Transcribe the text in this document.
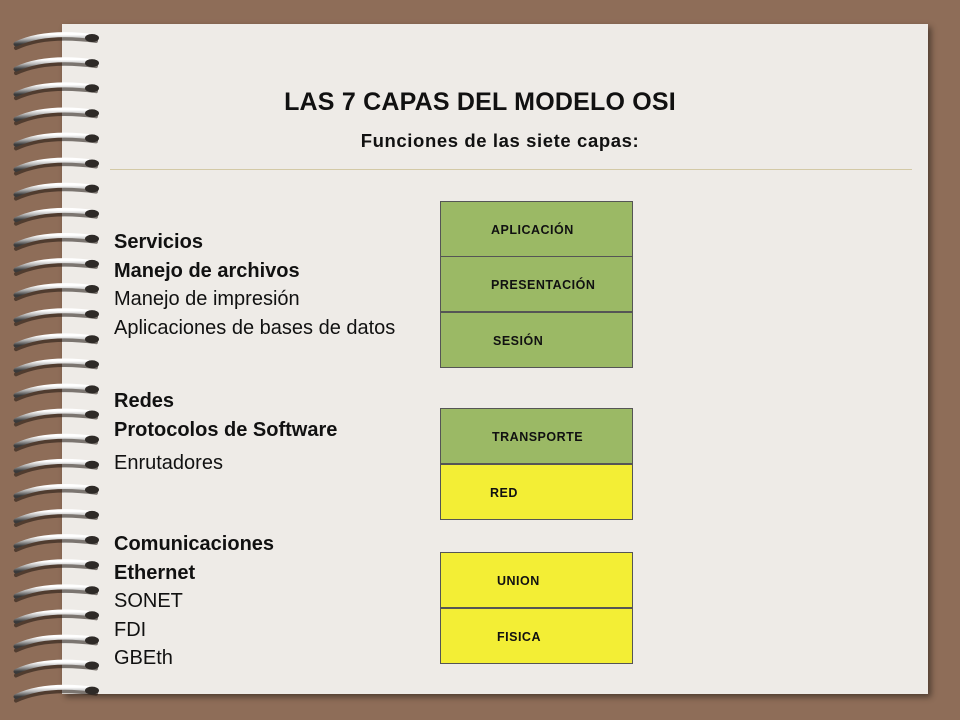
LAS 7 CAPAS DEL MODELO OSI
Funciones de las siete capas:
Servicios
Manejo de archivos
Manejo de impresión
Aplicaciones de bases de datos
Redes
Protocolos de Software
Enrutadores
Comunicaciones
Ethernet
SONET
FDI
GBEth
APLICACIÓN
PRESENTACIÓN
SESIÓN
TRANSPORTE
RED
UNION
FISICA
